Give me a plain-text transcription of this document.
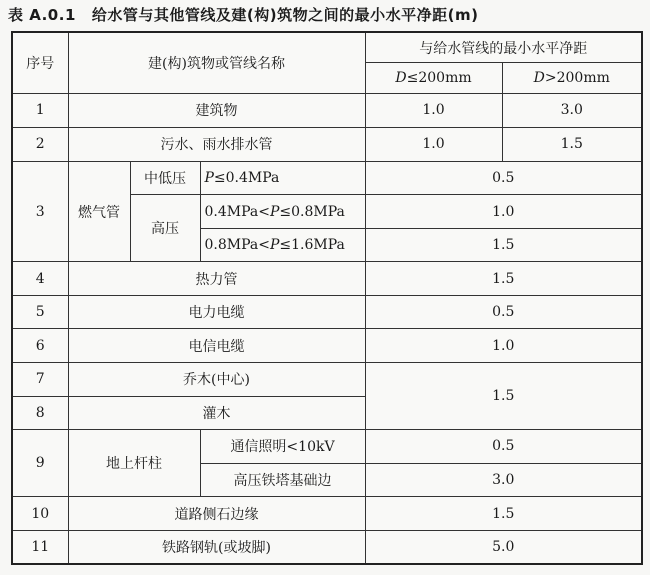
表 A.0.1 给水管与其他管线及建(构)筑物之间的最小水平净距(m)
序号	建(构)筑物或管线名称			与给水管线的最小水平净距	
				D≤200mm	D>200mm
1	建筑物			1.0	3.0
2	污水、雨水排水管			1.0	1.5
3	燃气管	中低压	P≤0.4MPa	0.5	
		高压	0.4MPa<P≤0.8MPa	1.0	
			0.8MPa<P≤1.6MPa	1.5	
4	热力管			1.5	
5	电力电缆			0.5	
6	电信电缆			1.0	
7	乔木(中心)			1.5	
8	灌木				
9	地上杆柱		通信照明<10kV	0.5	
			高压铁塔基础边	3.0	
10	道路侧石边缘			1.5	
11	铁路钢轨(或坡脚)			5.0	
